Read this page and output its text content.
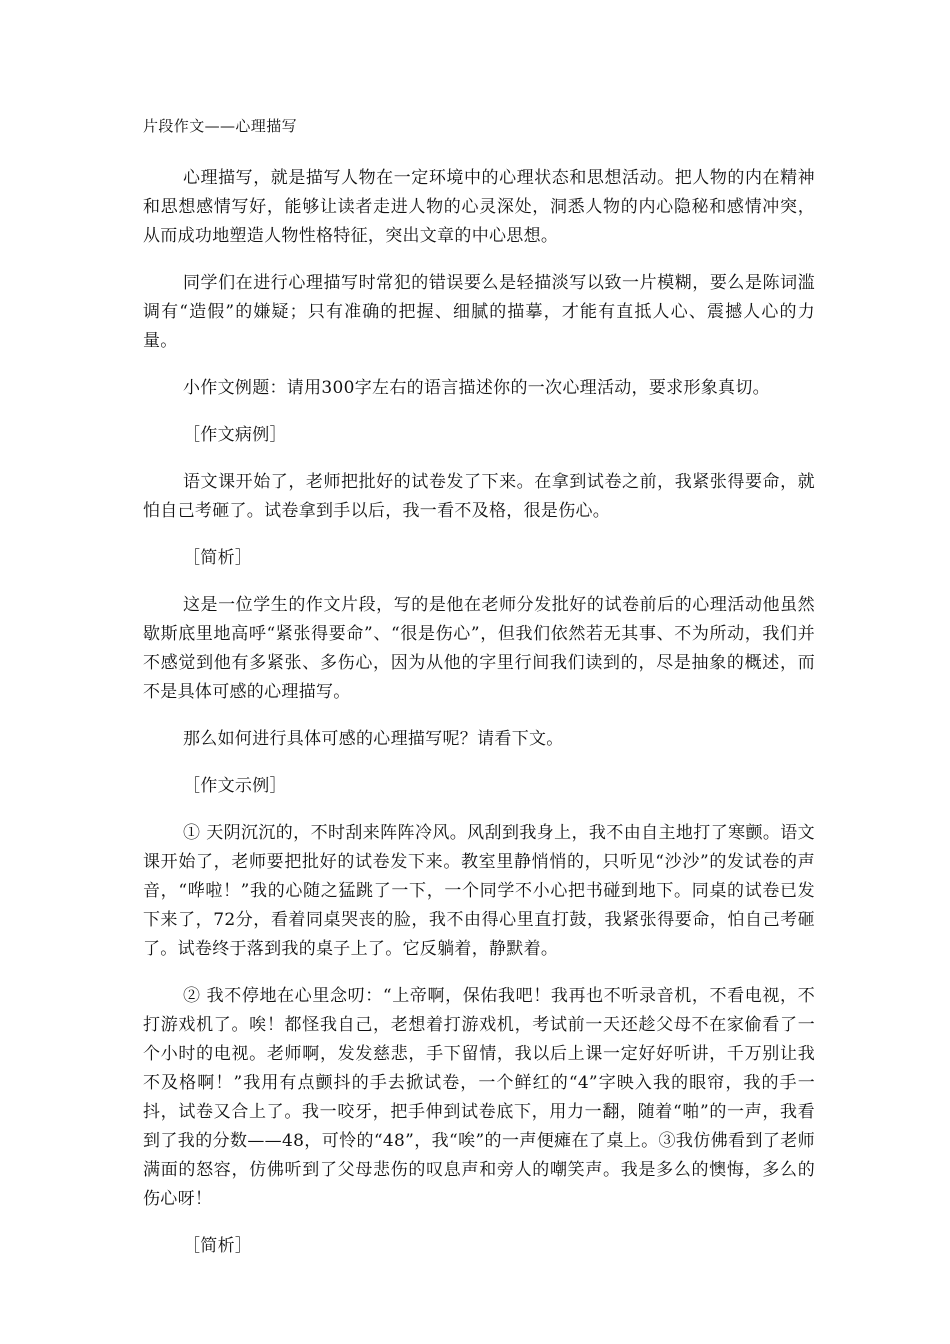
片段作文——心理描写

心理描写，就是描写人物在一定环境中的心理状态和思想活动。把人物的内在精神和思想感情写好，能够让读者走进人物的心灵深处，洞悉人物的内心隐秘和感情冲突，从而成功地塑造人物性格特征，突出文章的中心思想。

同学们在进行心理描写时常犯的错误要么是轻描淡写以致一片模糊，要么是陈词滥调有“造假”的嫌疑；只有准确的把握、细腻的描摹，才能有直抵人心、震撼人心的力量。

小作文例题：请用300字左右的语言描述你的一次心理活动，要求形象真切。

［作文病例］

语文课开始了，老师把批好的试卷发了下来。在拿到试卷之前，我紧张得要命，就怕自己考砸了。试卷拿到手以后，我一看不及格，很是伤心。

［简析］

这是一位学生的作文片段，写的是他在老师分发批好的试卷前后的心理活动他虽然歇斯底里地高呼“紧张得要命”、“很是伤心”，但我们依然若无其事、不为所动，我们并不感觉到他有多紧张、多伤心，因为从他的字里行间我们读到的，尽是抽象的概述，而不是具体可感的心理描写。

那么如何进行具体可感的心理描写呢？请看下文。

［作文示例］

① 天阴沉沉的，不时刮来阵阵冷风。风刮到我身上，我不由自主地打了寒颤。语文课开始了，老师要把批好的试卷发下来。教室里静悄悄的，只听见“沙沙”的发试卷的声音，“哗啦！”我的心随之猛跳了一下，一个同学不小心把书碰到地下。同桌的试卷已发下来了，72分，看着同桌哭丧的脸，我不由得心里直打鼓，我紧张得要命，怕自己考砸了。试卷终于落到我的桌子上了。它反躺着，静默着。

② 我不停地在心里念叨：“上帝啊，保佑我吧！我再也不听录音机，不看电视，不打游戏机了。唉！都怪我自己，老想着打游戏机，考试前一天还趁父母不在家偷看了一个小时的电视。老师啊，发发慈悲，手下留情，我以后上课一定好好听讲，千万别让我不及格啊！”我用有点颤抖的手去掀试卷，一个鲜红的“4”字映入我的眼帘，我的手一抖，试卷又合上了。我一咬牙，把手伸到试卷底下，用力一翻，随着“啪”的一声，我看到了我的分数——48，可怜的“48”，我“唉”的一声便瘫在了桌上。③我仿佛看到了老师满面的怒容，仿佛听到了父母悲伤的叹息声和旁人的嘲笑声。我是多么的懊悔，多么的伤心呀！

［简析］
